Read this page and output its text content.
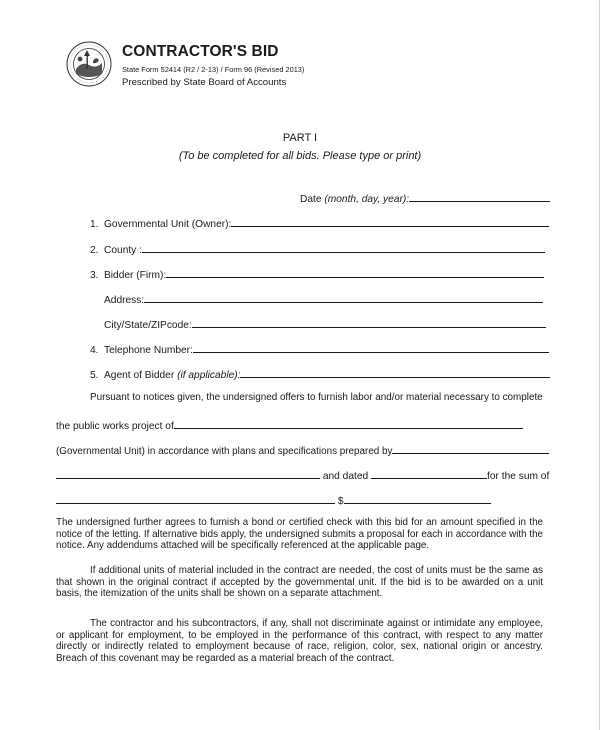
CONTRACTOR'S BID
State Form 52414 (R2 / 2-13) / Form 96 (Revised 2013)
Prescribed by State Board of Accounts
PART I
(To be completed for all bids. Please type or print)
Date (month, day, year):
1. Governmental Unit (Owner):
2. County :
3. Bidder (Firm):
Address:
City/State/ZIPcode:
4. Telephone Number:
5. Agent of Bidder (if applicable):
Pursuant to notices given, the undersigned offers to furnish labor and/or material necessary to complete
the public works project of
(Governmental Unit) in accordance with plans and specifications prepared by
and dated	for the sum of
$
The undersigned further agrees to furnish a bond or certified check with this bid for an amount specified in the
notice of the letting. If alternative bids apply, the undersigned submits a proposal for each in accordance with the
notice. Any addendums attached will be specifically referenced at the applicable page.
If additional units of material included in the contract are needed, the cost of units must be the same as
that shown in the original contract if accepted by the governmental unit. If the bid is to be awarded on a unit
basis, the itemization of the units shall be shown on a separate attachment.
The contractor and his subcontractors, if any, shall not discriminate against or intimidate any employee,
or applicant for employment, to be employed in the performance of this contract, with respect to any matter
directly or indirectly related to employment because of race, religion, color, sex, national origin or ancestry.
Breach of this covenant may be regarded as a material breach of the contract.
